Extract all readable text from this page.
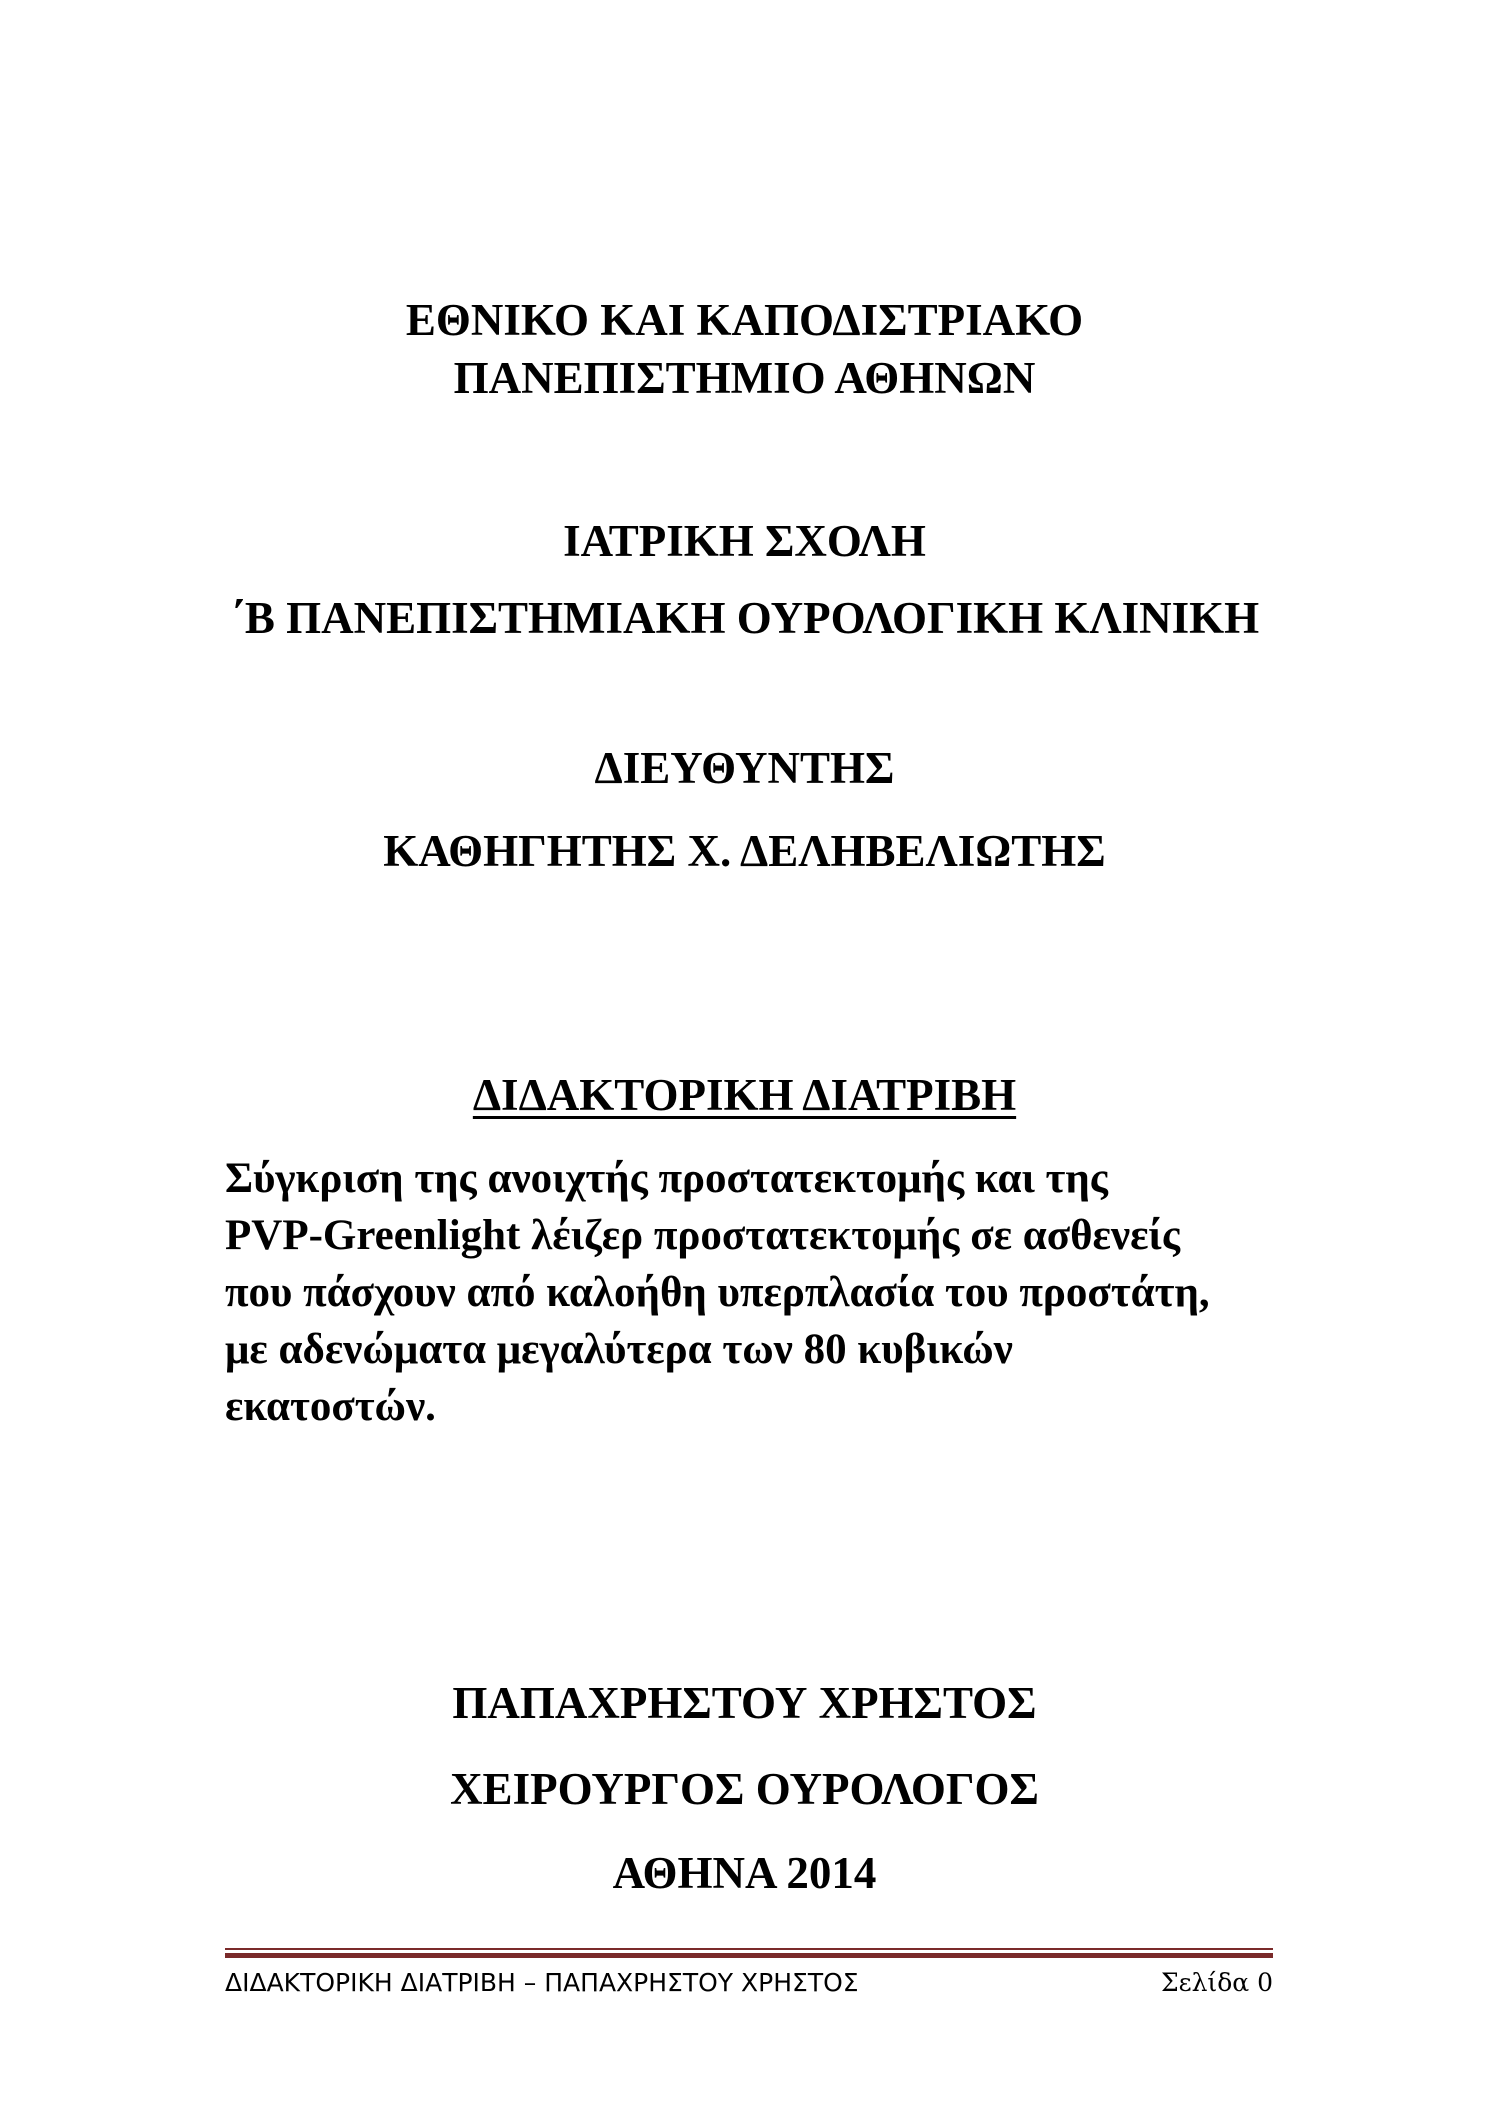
ΕΘΝΙΚΟ ΚΑΙ ΚΑΠΟΔΙΣΤΡΙΑΚΟ
ΠΑΝΕΠΙΣΤΗΜΙΟ ΑΘΗΝΩΝ
ΙΑΤΡΙΚΗ ΣΧΟΛΗ
΄Β ΠΑΝΕΠΙΣΤΗΜΙΑΚΗ ΟΥΡΟΛΟΓΙΚΗ ΚΛΙΝΙΚΗ
ΔΙΕΥΘΥΝΤΗΣ
ΚΑΘΗΓΗΤΗΣ Χ. ΔΕΛΗΒΕΛΙΩΤΗΣ
ΔΙΔΑΚΤΟΡΙΚΗ ΔΙΑΤΡΙΒΗ
Σύγκριση της ανοιχτής προστατεκτομής και της
PVP-Greenlight λέιζερ προστατεκτομής σε ασθενείς
που πάσχουν από καλοήθη υπερπλασία του προστάτη,
με αδενώματα μεγαλύτερα των 80 κυβικών
εκατοστών.
ΠΑΠΑΧΡΗΣΤΟΥ ΧΡΗΣΤΟΣ
ΧΕΙΡΟΥΡΓΟΣ ΟΥΡΟΛΟΓΟΣ
ΑΘΗΝΑ 2014
ΔΙΔΑΚΤΟΡΙΚΗ ΔΙΑΤΡΙΒΗ – ΠΑΠΑΧΡΗΣΤΟΥ ΧΡΗΣΤΟΣ	Σελίδα 0
